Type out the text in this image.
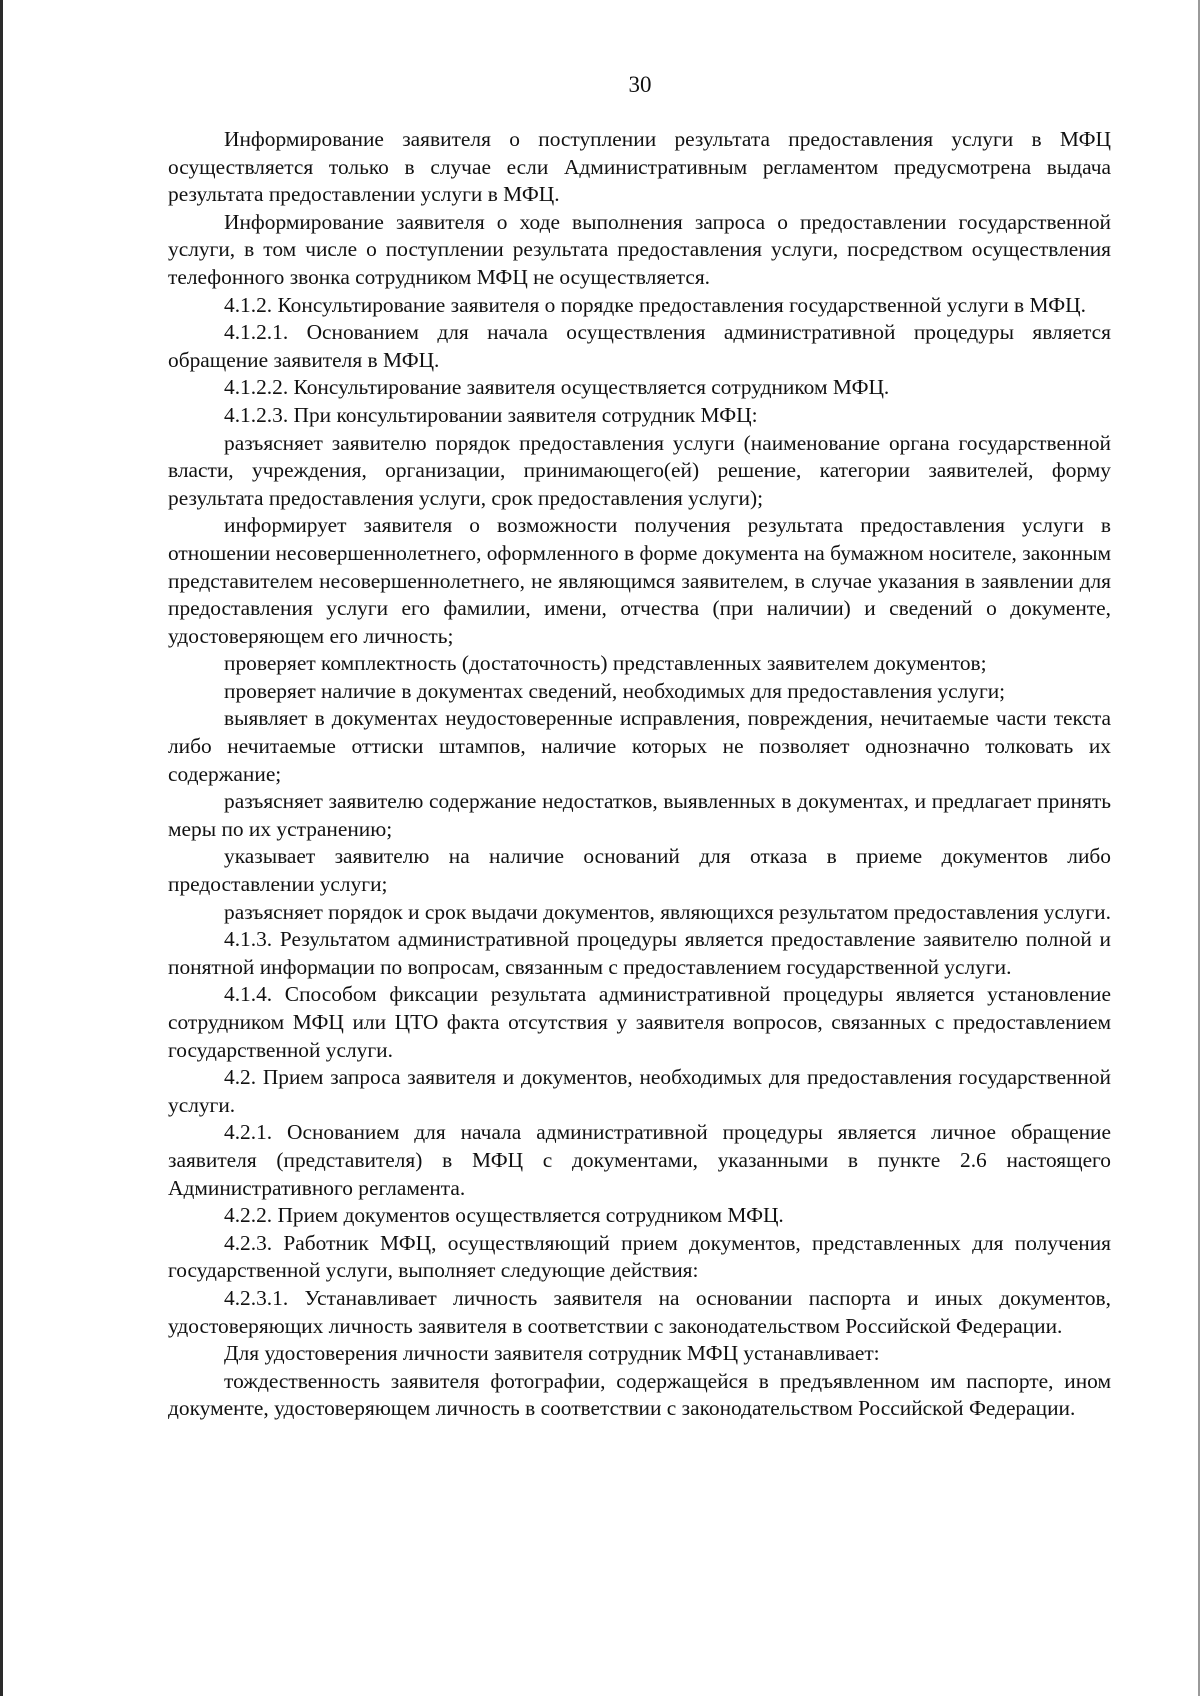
30

Информирование заявителя о поступлении результата предоставления услуги в МФЦ осуществляется только в случае если Административным регламентом предусмотрена выдача результата предоставлении услуги в МФЦ.

Информирование заявителя о ходе выполнения запроса о предоставлении государственной услуги, в том числе о поступлении результата предоставления услуги, посредством осуществления телефонного звонка сотрудником МФЦ не осуществляется.

4.1.2. Консультирование заявителя о порядке предоставления государственной услуги в МФЦ.

4.1.2.1. Основанием для начала осуществления административной процедуры является обращение заявителя в МФЦ.

4.1.2.2. Консультирование заявителя осуществляется сотрудником МФЦ.

4.1.2.3. При консультировании заявителя сотрудник МФЦ:

разъясняет заявителю порядок предоставления услуги (наименование органа государственной власти, учреждения, организации, принимающего(ей) решение, категории заявителей, форму результата предоставления услуги, срок предоставления услуги);

информирует заявителя о возможности получения результата предоставления услуги в отношении несовершеннолетнего, оформленного в форме документа на бумажном носителе, законным представителем несовершеннолетнего, не являющимся заявителем, в случае указания в заявлении для предоставления услуги его фамилии, имени, отчества (при наличии) и сведений о документе, удостоверяющем его личность;

проверяет комплектность (достаточность) представленных заявителем документов;

проверяет наличие в документах сведений, необходимых для предоставления услуги;

выявляет в документах неудостоверенные исправления, повреждения, нечитаемые части текста либо нечитаемые оттиски штампов, наличие которых не позволяет однозначно толковать их содержание;

разъясняет заявителю содержание недостатков, выявленных в документах, и предлагает принять меры по их устранению;

указывает заявителю на наличие оснований для отказа в приеме документов либо предоставлении услуги;

разъясняет порядок и срок выдачи документов, являющихся результатом предоставления услуги.

4.1.3. Результатом административной процедуры является предоставление заявителю полной и понятной информации по вопросам, связанным с предоставлением государственной услуги.

4.1.4. Способом фиксации результата административной процедуры является установление сотрудником МФЦ или ЦТО факта отсутствия у заявителя вопросов, связанных с предоставлением государственной услуги.

4.2. Прием запроса заявителя и документов, необходимых для предоставления государственной услуги.

4.2.1. Основанием для начала административной процедуры является личное обращение заявителя (представителя) в МФЦ с документами, указанными в пункте 2.6 настоящего Административного регламента.

4.2.2. Прием документов осуществляется сотрудником МФЦ.

4.2.3. Работник МФЦ, осуществляющий прием документов, представленных для получения государственной услуги, выполняет следующие действия:

4.2.3.1. Устанавливает личность заявителя на основании паспорта и иных документов, удостоверяющих личность заявителя в соответствии с законодательством Российской Федерации.

Для удостоверения личности заявителя сотрудник МФЦ устанавливает:

тождественность заявителя фотографии, содержащейся в предъявленном им паспорте, ином документе, удостоверяющем личность в соответствии с законодательством Российской Федерации.
